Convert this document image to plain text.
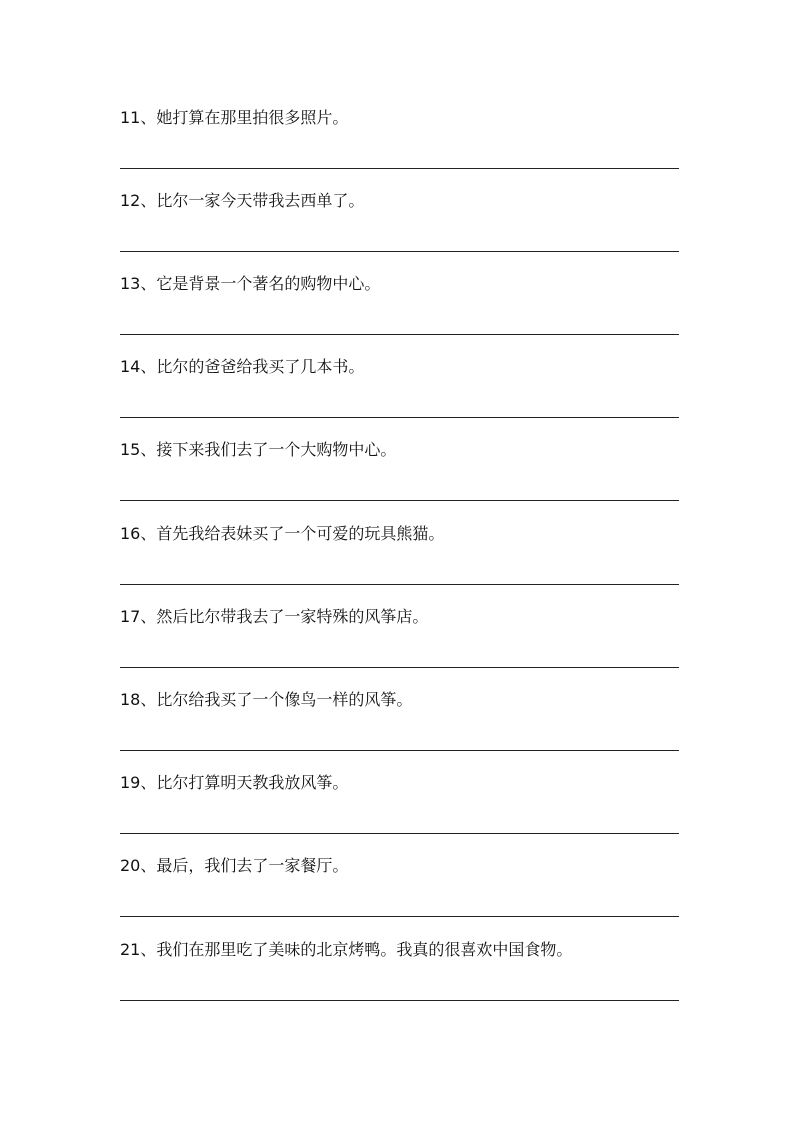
11、她打算在那里拍很多照片。
12、比尔一家今天带我去西单了。
13、它是背景一个著名的购物中心。
14、比尔的爸爸给我买了几本书。
15、接下来我们去了一个大购物中心。
16、首先我给表妹买了一个可爱的玩具熊猫。
17、然后比尔带我去了一家特殊的风筝店。
18、比尔给我买了一个像鸟一样的风筝。
19、比尔打算明天教我放风筝。
20、最后，我们去了一家餐厅。
21、我们在那里吃了美味的北京烤鸭。我真的很喜欢中国食物。
